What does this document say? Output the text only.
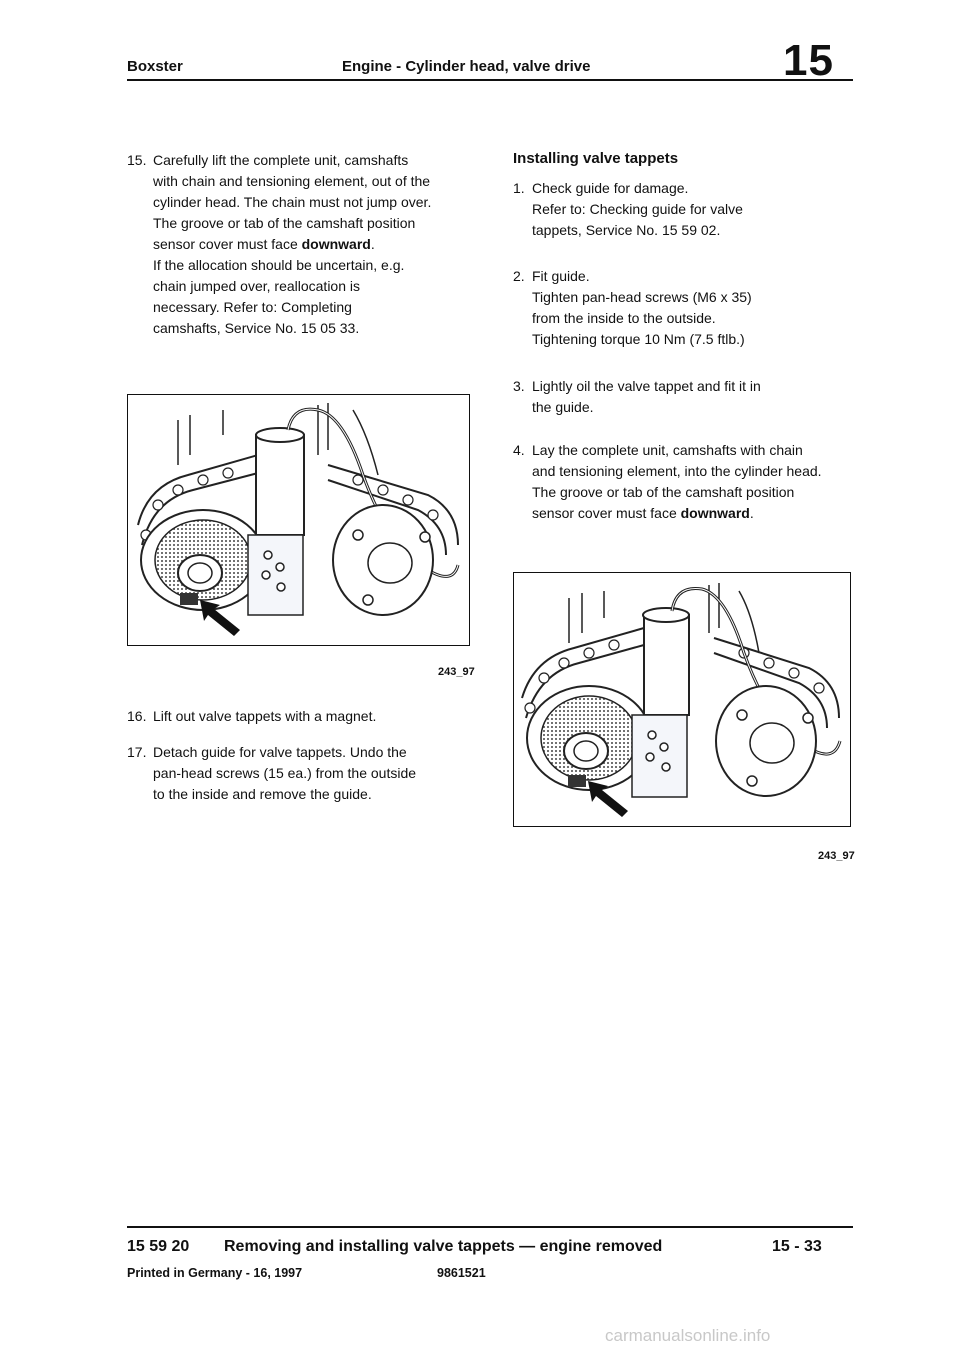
Boxster	Engine - Cylinder head, valve drive	15
15. Carefully lift the complete unit, camshafts
with chain and tensioning element, out of the
cylinder head. The chain must not jump over.
The groove or tab of the camshaft position
sensor cover must face downward.
If the allocation should be uncertain, e.g.
chain jumped over, reallocation is
necessary. Refer to: Completing
camshafts, Service No. 15 05 33.
243_97
16. Lift out valve tappets with a magnet.
17. Detach guide for valve tappets. Undo the
pan-head screws (15 ea.) from the outside
to the inside and remove the guide.
Installing valve tappets
1. Check guide for damage.
Refer to: Checking guide for valve
tappets, Service No. 15 59 02.
2. Fit guide.
Tighten pan-head screws (M6 x 35)
from the inside to the outside.
Tightening torque 10 Nm (7.5 ftlb.)
3. Lightly oil the valve tappet and fit it in
the guide.
4. Lay the complete unit, camshafts with chain
and tensioning element, into the cylinder head.
The groove or tab of the camshaft position
sensor cover must face downward.
243_97
15 59 20 Removing and installing valve tappets — engine removed	15 - 33
Printed in Germany - 16, 1997	9861521
carmanualsonline.info
